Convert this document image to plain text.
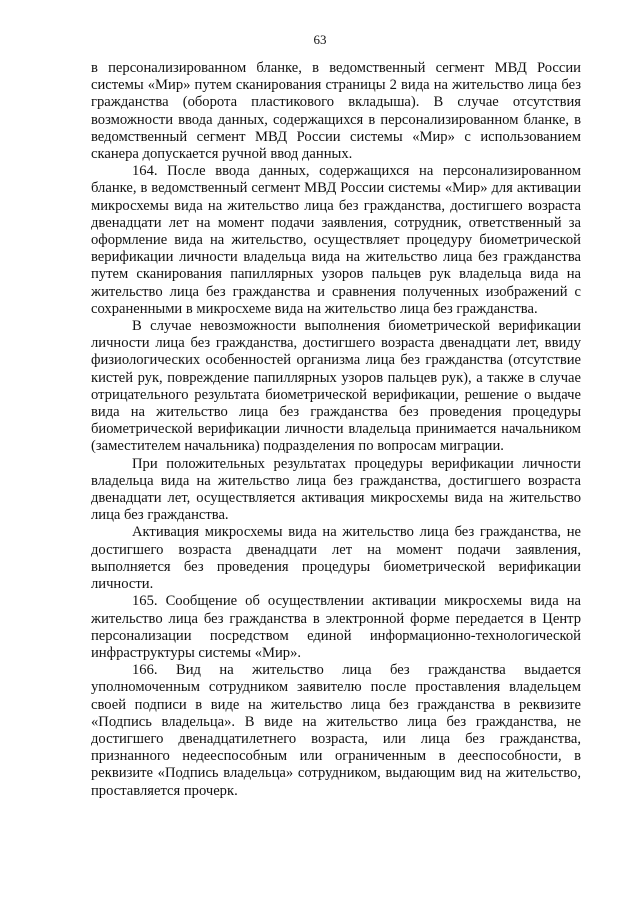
63

в персонализированном бланке, в ведомственный сегмент МВД России системы «Мир» путем сканирования страницы 2 вида на жительство лица без гражданства (оборота пластикового вкладыша). В случае отсутствия возможности ввода данных, содержащихся в персонализированном бланке, в ведомственный сегмент МВД России системы «Мир» с использованием сканера допускается ручной ввод данных.

164. После ввода данных, содержащихся на персонализированном бланке, в ведомственный сегмент МВД России системы «Мир» для активации микросхемы вида на жительство лица без гражданства, достигшего возраста двенадцати лет на момент подачи заявления, сотрудник, ответственный за оформление вида на жительство, осуществляет процедуру биометрической верификации личности владельца вида на жительство лица без гражданства путем сканирования папиллярных узоров пальцев рук владельца вида на жительство лица без гражданства и сравнения полученных изображений с сохраненными в микросхеме вида на жительство лица без гражданства.

В случае невозможности выполнения биометрической верификации личности лица без гражданства, достигшего возраста двенадцати лет, ввиду физиологических особенностей организма лица без гражданства (отсутствие кистей рук, повреждение папиллярных узоров пальцев рук), а также в случае отрицательного результата биометрической верификации, решение о выдаче вида на жительство лица без гражданства без проведения процедуры биометрической верификации личности владельца принимается начальником (заместителем начальника) подразделения по вопросам миграции.

При положительных результатах процедуры верификации личности владельца вида на жительство лица без гражданства, достигшего возраста двенадцати лет, осуществляется активация микросхемы вида на жительство лица без гражданства.

Активация микросхемы вида на жительство лица без гражданства, не достигшего возраста двенадцати лет на момент подачи заявления, выполняется без проведения процедуры биометрической верификации личности.

165. Сообщение об осуществлении активации микросхемы вида на жительство лица без гражданства в электронной форме передается в Центр персонализации посредством единой информационно-технологической инфраструктуры системы «Мир».

166. Вид на жительство лица без гражданства выдается уполномоченным сотрудником заявителю после проставления владельцем своей подписи в виде на жительство лица без гражданства в реквизите «Подпись владельца». В виде на жительство лица без гражданства, не достигшего двенадцатилетнего возраста, или лица без гражданства, признанного недееспособным или ограниченным в дееспособности, в реквизите «Подпись владельца» сотрудником, выдающим вид на жительство, проставляется прочерк.
